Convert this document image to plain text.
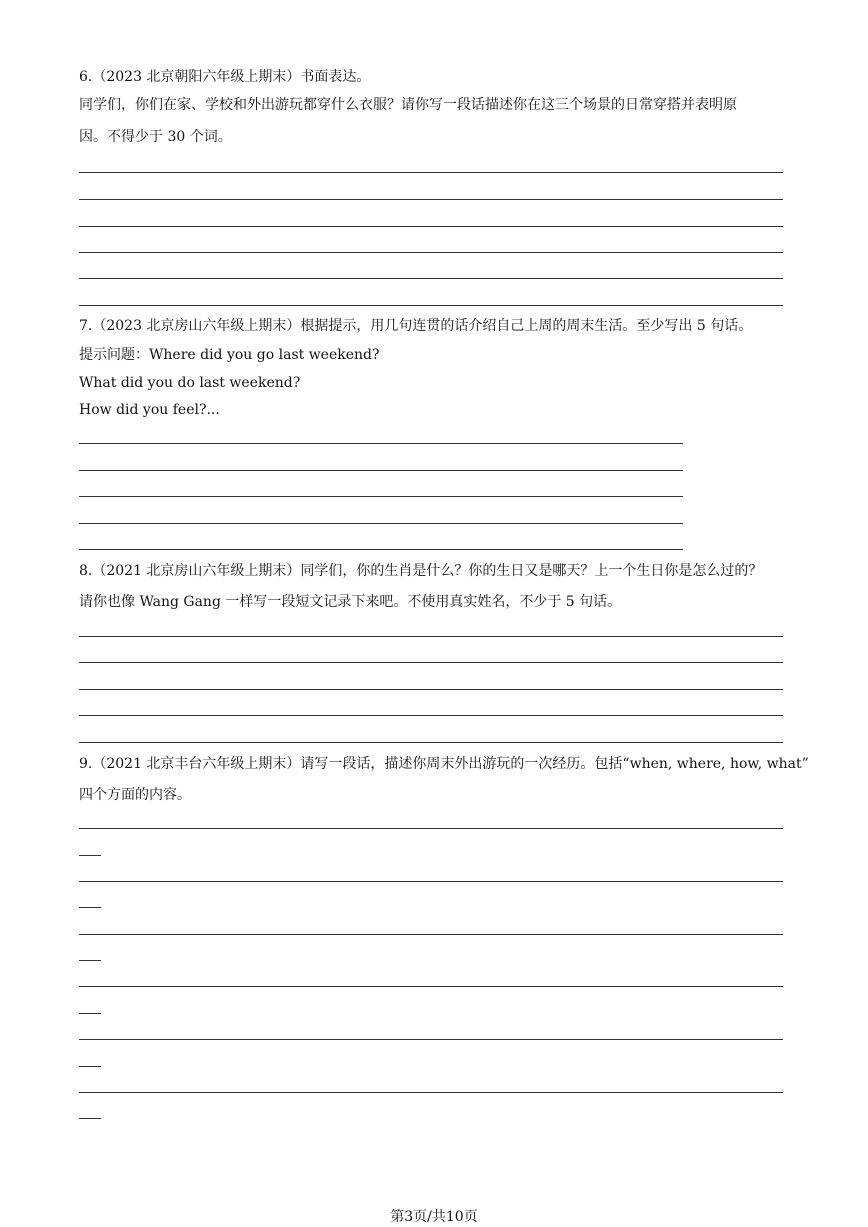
6.（2023 北京朝阳六年级上期末）书面表达。
同学们，你们在家、学校和外出游玩都穿什么衣服？请你写一段话描述你在这三个场景的日常穿搭并表明原
因。不得少于 30 个词。
7.（2023 北京房山六年级上期末）根据提示，用几句连贯的话介绍自己上周的周末生活。至少写出 5 句话。
提示问题：Where did you go last weekend?
What did you do last weekend?
How did you feel?...
8.（2021 北京房山六年级上期末）同学们，你的生肖是什么？你的生日又是哪天？上一个生日你是怎么过的？
请你也像 Wang Gang 一样写一段短文记录下来吧。不使用真实姓名，不少于 5 句话。
9.（2021 北京丰台六年级上期末）请写一段话，描述你周末外出游玩的一次经历。包括“when, where, how, what”
四个方面的内容。
第3页/共10页
